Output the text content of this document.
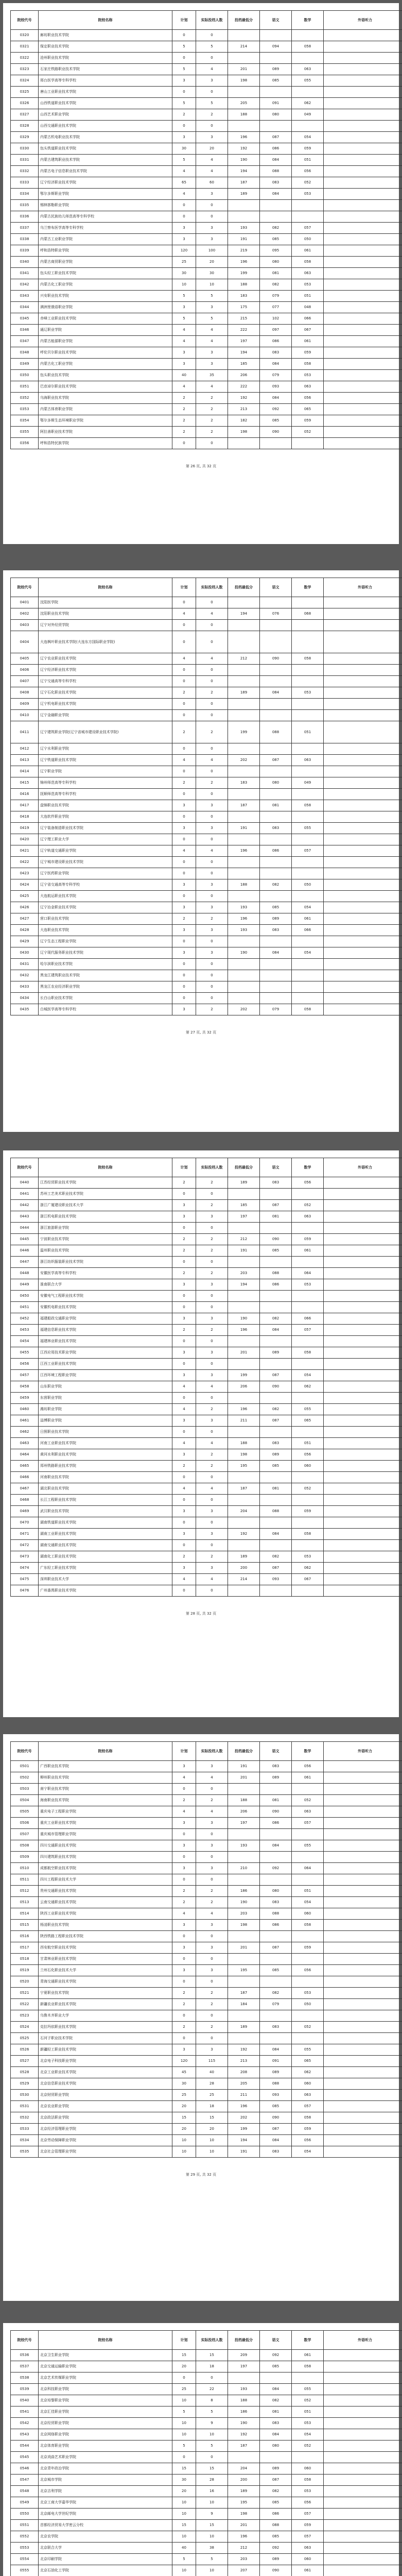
院校代号	院校名称	计划	实际投档人数	投档最低分	语文	数学	外语听力
0320	廊坊职业技术学院	0	0				
0321	保定职业技术学院	5	5	214	094	058	
0322	沧州职业技术学院	0	0				
0323	石家庄铁路职业技术学院	5	4	201	089	063	
0324	邢台医学高等专科学校	3	3	198	085	055	
0325	唐山工业职业技术学院	0	0				
0326	山西铁道职业技术学院	5	5	205	091	062	
0327	山西艺术职业学院	2	2	188	080	049	
0328	山西交通职业技术学院	0	0				
0329	内蒙古机电职业技术学院	3	3	196	087	054	
0330	包头铁道职业技术学院	30	20	192	086	059	
0331	内蒙古建筑职业技术学院	5	4	190	084	051	
0332	内蒙古电子信息职业技术学院	4	4	194	088	056	
0333	辽宁经济职业技术学院	65	60	187	083	052	
0334	鄂尔多斯职业学院	4	3	189	084	053	
0335	锡林郭勒职业学院	0	0				
0336	内蒙古民族幼儿师范高等专科学校	0	0				
0337	乌兰察布医学高等专科学校	3	3	193	082	057	
0338	内蒙古工业职业学院	3	3	191	085	050	
0339	呼和浩特职业学院	120	100	219	095	061	
0340	内蒙古商贸职业学院	25	20	196	080	058	
0341	包头轻工职业技术学院	30	30	199	081	063	
0342	内蒙古化工职业学院	10	10	188	082	053	
0343	兴安职业技术学院	5	5	183	079	051	
0344	满洲里俄语职业学院	3	3	175	077	048	
0345	赤峰工业职业技术学院	5	5	215	102	066	
0346	通辽职业学院	4	4	222	097	067	
0347	内蒙古能源职业学院	4	4	197	086	061	
0348	呼伦贝尔职业技术学院	3	3	194	083	059	
0349	内蒙古化工职业学院	3	3	185	084	058	
0350	包头职业技术学院	40	35	206	079	053	
0351	巴彦淖尔职业技术学院	4	4	222	093	063	
0352	乌海职业技术学院	2	2	192	084	056	
0353	内蒙古体育职业学院	2	2	213	092	065	
0354	鄂尔多斯生态环境职业学院	2	2	182	085	059	
0355	阿拉善职业技术学院	2	2	198	090	052	
0356	呼和浩特民族学院	0	0				
第 26 页, 共 32 页
院校代号	院校名称	计划	实际投档人数	投档最低分	语文	数学	外语听力
0401	沈阳医学院	0	0				
0402	沈阳职业技术学院	4	4	194	076	068	
0403	辽宁对外经贸学院	0	0				
0404	大连枫叶职业技术学院(大连东方国际职业学院)	0	0				
0405	辽宁农业职业技术学院	4	4	212	090	058	
0406	辽宁经济职业技术学院	0	0				
0407	辽宁交通高等专科学校	0	0				
0408	辽宁石化职业技术学院	2	2	189	084	053	
0409	辽宁机电职业技术学院	0	0				
0410	辽宁金融职业学院	0	0				
0411	辽宁建筑职业学院(辽宁省城市建设职业技术学院)	2	2	199	088	051	
0412	辽宁水利职业学院	0	0				
0413	辽宁铁道职业技术学院	4	4	202	087	063	
0414	辽宁职业学院	0	0				
0415	锦州师范高等专科学校	2	2	183	080	049	
0416	抚顺师范高等专科学校	0	0				
0417	盘锦职业技术学院	3	3	187	081	058	
0418	大连软件职业学院	0	0				
0419	辽宁装备制造职业技术学院	3	3	191	083	055	
0420	辽宁理工职业大学	0	0				
0421	辽宁轨道交通职业学院	4	4	196	086	057	
0422	辽宁城市建设职业技术学院	0	0				
0423	辽宁医药职业学院	0	0				
0424	辽宁省交通高等专科学校	3	3	188	082	050	
0425	大连航运职业技术学院	0	0				
0426	辽宁冶金职业技术学院	3	3	193	085	054	
0427	营口职业技术学院	2	2	196	089	061	
0428	大连职业技术学院	3	3	193	083	066	
0429	辽宁生态工程职业学院	0	0				
0430	辽宁现代服务职业技术学院	3	3	190	084	054	
0431	哈尔滨职业技术学院	0	0				
0432	黑龙江建筑职业技术学院	0	0				
0433	黑龙江农业经济职业学院	0	0				
0434	长白山职业技术学院	0	0				
0435	白城医学高等专科学校	3	2	202	079	058	
第 27 页, 共 32 页
院校代号	院校名称	计划	实际投档人数	投档最低分	语文	数学	外语听力
0440	江苏经贸职业技术学院	2	2	189	083	056	
0441	苏州工艺美术职业技术学院	0	0				
0442	浙江广厦建设职业技术大学	3	2	185	087	052	
0443	浙江机电职业技术学院	3	3	197	081	063	
0444	浙江旅游职业学院	0	0				
0445	宁波职业技术学院	2	2	212	090	059	
0446	温州职业技术学院	2	2	191	085	061	
0447	浙江纺织服装职业技术学院	0	0				
0448	安徽医学高等专科学校	2	2	203	088	064	
0449	淮南联合大学	3	3	194	086	053	
0450	安徽电气工程职业技术学院	0	0				
0451	安徽机电职业技术学院	0	0				
0452	福建船政交通职业学院	3	3	190	082	066	
0453	福建信息职业技术学院	2	2	196	084	057	
0454	福建林业职业技术学院	0	0				
0455	江西应用技术职业学院	3	3	201	089	058	
0456	江西工业职业技术学院	0	0				
0457	江西环境工程职业学院	3	3	199	087	054	
0458	山东职业学院	4	4	206	090	062	
0459	东营职业学院	0	0				
0460	潍坊职业学院	4	2	196	082	055	
0461	淄博职业学院	3	3	211	087	065	
0462	日照职业技术学院	0	0				
0463	河南工业职业技术学院	4	4	188	083	051	
0464	黄河水利职业技术学院	3	2	198	089	056	
0465	郑州铁路职业技术学院	2	2	195	085	060	
0466	河南职业技术学院	0	0				
0467	湖北职业技术学院	4	4	187	081	052	
0468	长江工程职业技术学院	0	0				
0469	武汉职业技术学院	3	3	204	088	059	
0470	湖南铁道职业技术学院	0	0				
0471	湖南工业职业技术学院	3	3	192	084	058	
0472	湖南交通职业技术学院	0	0				
0473	湖南化工职业技术学院	2	2	189	082	053	
0474	广东轻工职业技术学院	3	3	200	087	062	
0475	深圳职业技术大学	4	4	214	093	067	
0476	广州番禺职业技术学院	0	0				
第 28 页, 共 32 页
院校代号	院校名称	计划	实际投档人数	投档最低分	语文	数学	外语听力
0501	广西职业技术学院	3	3	191	083	056	
0502	柳州职业技术学院	4	4	201	089	061	
0503	南宁职业技术学院	0	0				
0504	海南职业技术学院	2	2	188	081	052	
0505	重庆电子工程职业学院	4	4	206	090	063	
0506	重庆工业职业技术学院	3	3	197	086	057	
0507	重庆城市管理职业学院	0	0				
0508	四川交通职业技术学院	3	3	193	084	055	
0509	四川建筑职业技术学院	0	0				
0510	成都航空职业技术学院	3	3	210	092	064	
0511	四川工程职业技术大学	0	0				
0512	贵州交通职业技术学院	2	2	186	080	051	
0513	云南交通职业技术学院	2	2	190	083	054	
0514	陕西工业职业技术学院	4	4	203	088	060	
0515	杨凌职业技术学院	3	3	198	086	058	
0516	陕西铁路工程职业技术学院	0	0				
0517	西安航空职业技术学院	3	3	201	087	059	
0518	甘肃林业职业技术学院	0	0				
0519	兰州石化职业技术大学	3	3	195	085	056	
0520	青海交通职业技术学院	0	0				
0521	宁夏职业技术学院	2	2	187	082	053	
0522	新疆农业职业技术学院	2	2	184	079	050	
0523	乌鲁木齐职业大学	0	0				
0524	克拉玛依职业技术学院	2	2	189	083	052	
0525	石河子职业技术学院	0	0				
0526	新疆轻工职业技术学院	3	3	192	084	055	
0527	北京电子科技职业学院	120	115	213	091	065	
0528	北京工业职业技术学院	45	40	208	089	062	
0529	北京信息职业技术学院	30	28	205	088	060	
0530	北京财贸职业学院	25	25	211	093	063	
0531	北京农业职业学院	20	18	196	085	057	
0532	北京政法职业学院	15	15	202	090	058	
0533	北京经济管理职业学院	20	20	199	087	059	
0534	北京劳动保障职业学院	10	10	194	084	056	
0535	北京社会管理职业学院	10	10	191	083	054	
第 29 页, 共 32 页
院校代号	院校名称	计划	实际投档人数	投档最低分	语文	数学	外语听力
0536	北京卫生职业学院	15	15	209	092	061	
0537	北京交通运输职业学院	20	18	197	085	058	
0538	北京艺术传媒职业学院	0	0				
0539	北京科技职业学院	25	22	193	084	055	
0540	北京培黎职业学院	10	8	188	082	052	
0541	北京汇佳职业学院	5	5	186	081	051	
0542	北京经贸职业学院	10	9	190	083	053	
0543	北京网络职业学院	10	10	192	084	054	
0544	北京体育职业学院	5	5	187	080	052	
0545	北京戏曲艺术职业学院	0	0				
0546	北京青年政治学院	15	15	204	089	060	
0547	北京城市学院	30	28	200	087	058	
0548	北京吉利学院	20	16	189	082	053	
0549	北京工商大学嘉华学院	10	10	195	085	056	
0550	北京邮电大学世纪学院	10	9	198	086	057	
0551	首都经济贸易大学密云分校	15	15	201	088	059	
0552	北京农学院	10	10	196	085	057	
0553	北京联合大学	40	38	212	092	063	
0554	北京印刷学院	5	5	203	089	060	
0555	北京石油化工学院	10	10	207	090	061	
